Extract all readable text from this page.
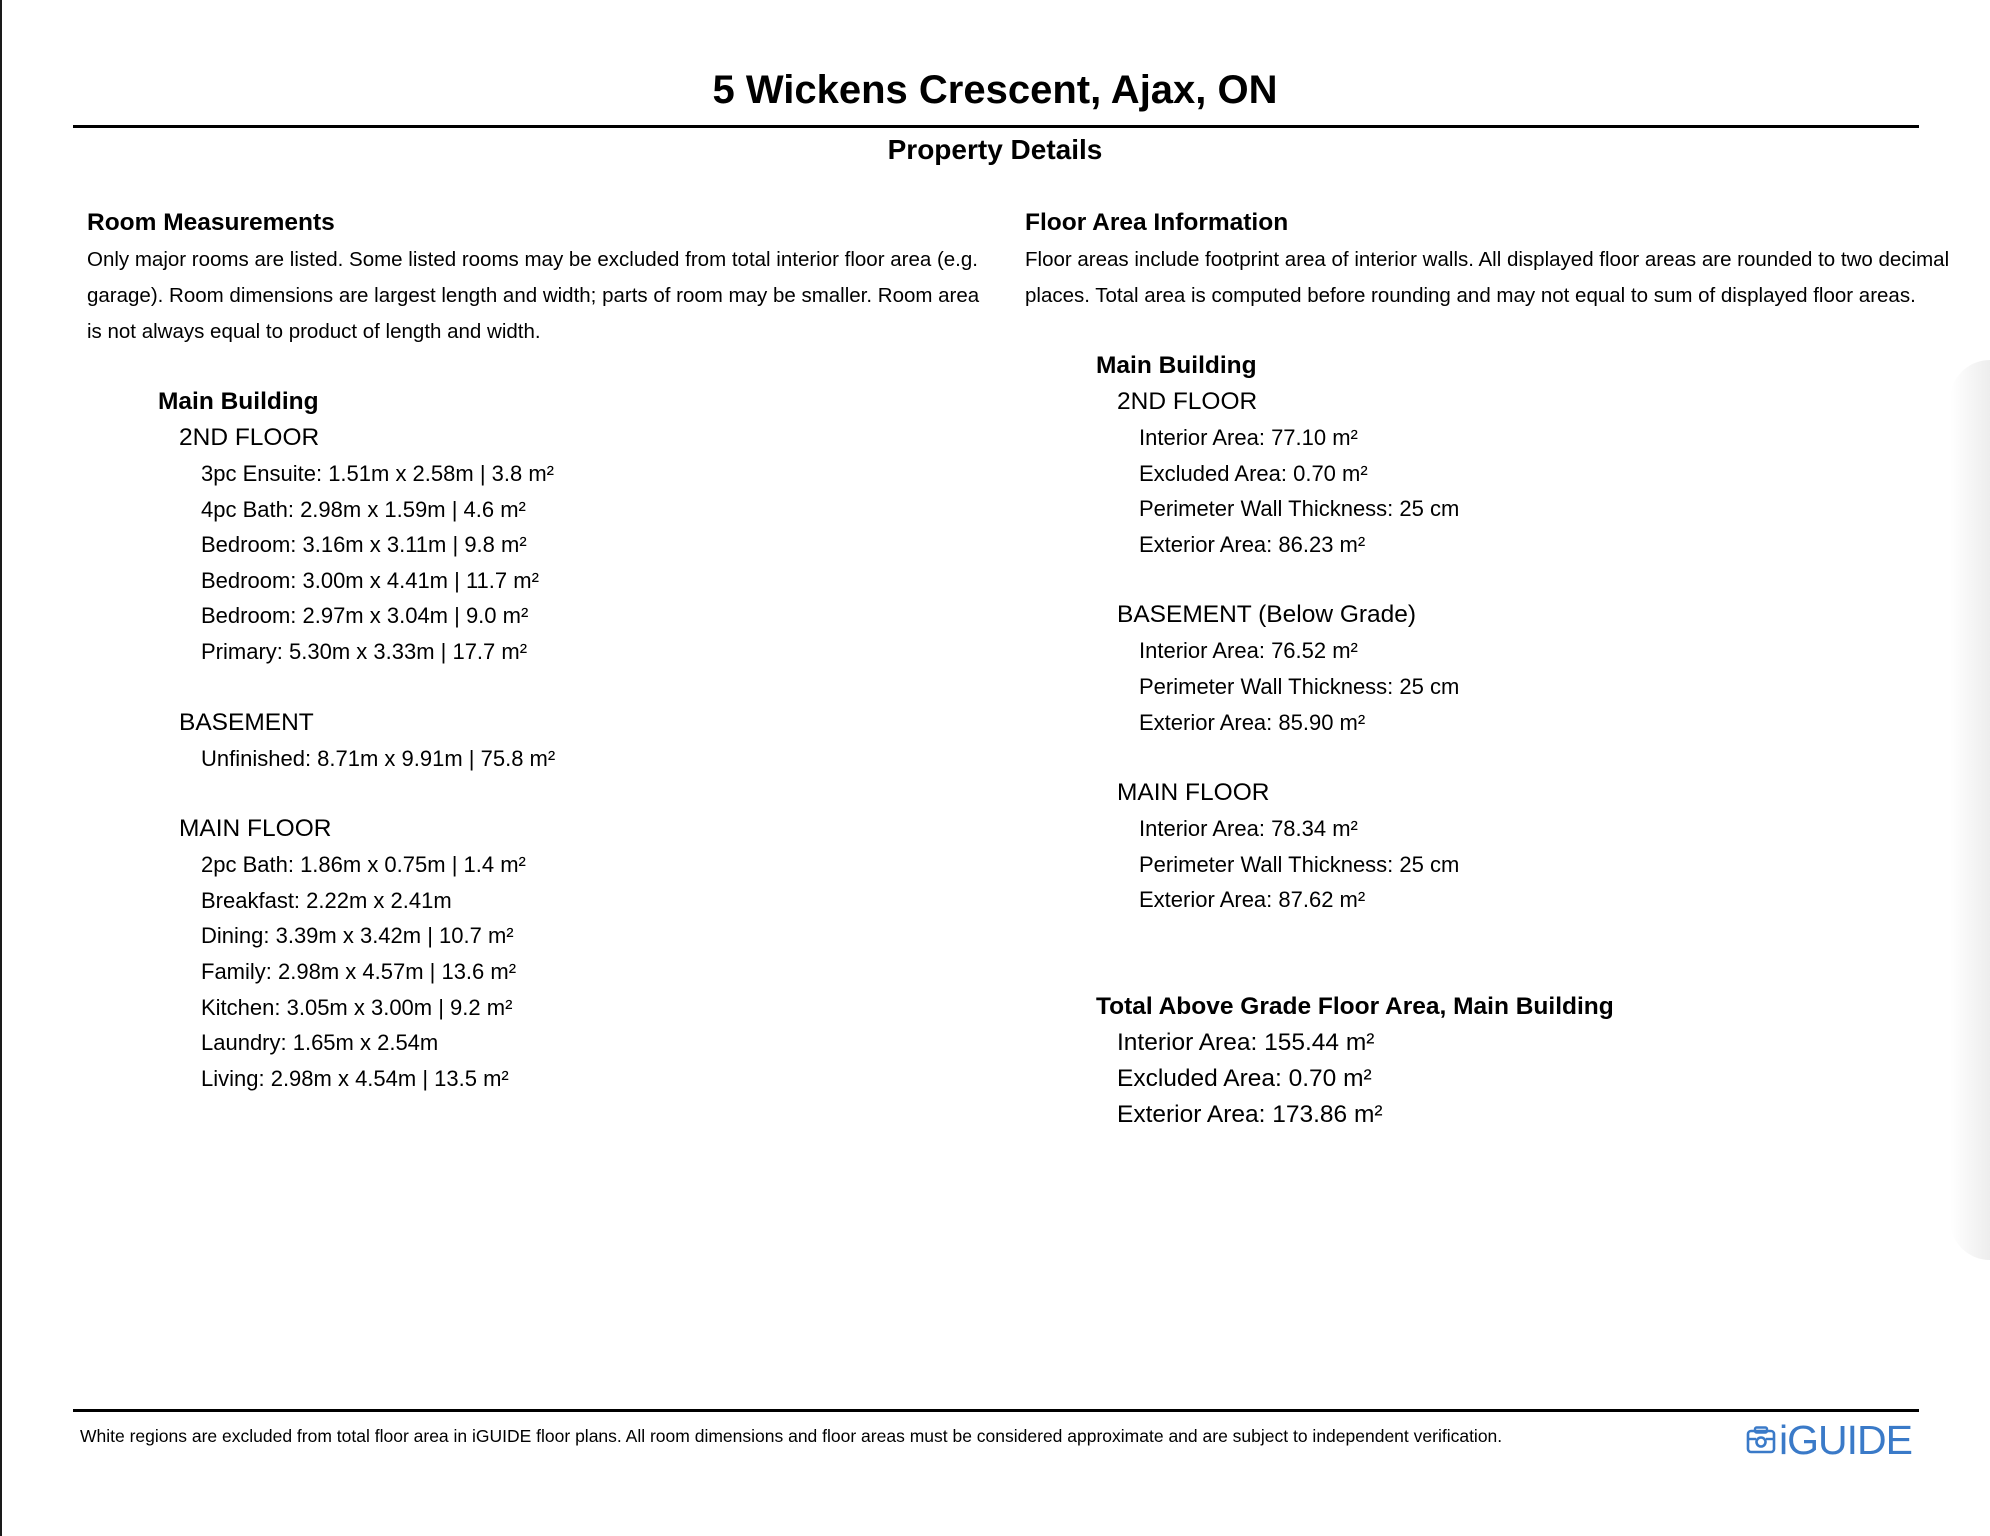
5 Wickens Crescent, Ajax, ON
Property Details
Room Measurements

Only major rooms are listed. Some listed rooms may be excluded from total interior floor area (e.g. garage). Room dimensions are largest length and width; parts of room may be smaller. Room area is not always equal to product of length and width.

Main Building
2ND FLOOR
3pc Ensuite: 1.51m x 2.58m | 3.8 m²
4pc Bath: 2.98m x 1.59m | 4.6 m²
Bedroom: 3.16m x 3.11m | 9.8 m²
Bedroom: 3.00m x 4.41m | 11.7 m²
Bedroom: 2.97m x 3.04m | 9.0 m²
Primary: 5.30m x 3.33m | 17.7 m²
BASEMENT
Unfinished: 8.71m x 9.91m | 75.8 m²
MAIN FLOOR
2pc Bath: 1.86m x 0.75m | 1.4 m²
Breakfast: 2.22m x 2.41m
Dining: 3.39m x 3.42m | 10.7 m²
Family: 2.98m x 4.57m | 13.6 m²
Kitchen: 3.05m x 3.00m | 9.2 m²
Laundry: 1.65m x 2.54m
Living: 2.98m x 4.54m | 13.5 m²
Floor Area Information

Floor areas include footprint area of interior walls. All displayed floor areas are rounded to two decimal places. Total area is computed before rounding and may not equal to sum of displayed floor areas.

Main Building
2ND FLOOR
Interior Area: 77.10 m²
Excluded Area: 0.70 m²
Perimeter Wall Thickness: 25 cm
Exterior Area: 86.23 m²
BASEMENT (Below Grade)
Interior Area: 76.52 m²
Perimeter Wall Thickness: 25 cm
Exterior Area: 85.90 m²
MAIN FLOOR
Interior Area: 78.34 m²
Perimeter Wall Thickness: 25 cm
Exterior Area: 87.62 m²
Total Above Grade Floor Area, Main Building
Interior Area: 155.44 m²
Excluded Area: 0.70 m²
Exterior Area: 173.86 m²
White regions are excluded from total floor area in iGUIDE floor plans. All room dimensions and floor areas must be considered approximate and are subject to independent verification.	iGUIDE
